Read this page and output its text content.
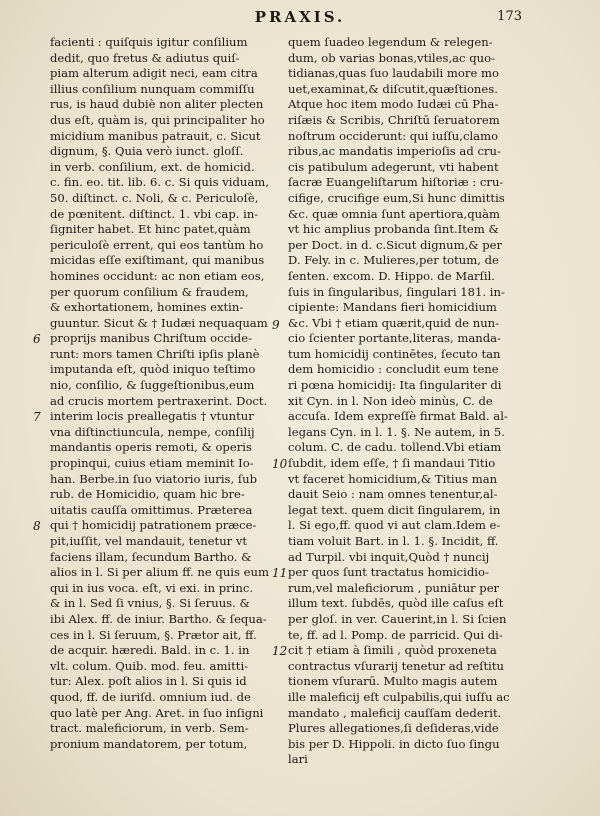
PRAXIS.	173
facienti : quiſquis igitur conſilium
dedit, quo fretus & adiutus quiſ-
piam alterum adigit neci, eam citra
illius conſilium nunquam commiſſu
rus, is haud dubiè non aliter plecten
dus eſt, quàm is, qui principaliter ho
micidium manibus patrauit, c. Sicut
dignum, §. Quia verò iunct. gloſſ.
in verb. conſilium, ext. de homicid.
c. fin. eo. tit. lib. 6. c. Si quis viduam,
50. diſtinct. c. Noli, & c. Periculoſè,
de pœnitent. diſtinct. 1. vbi cap. in-
ſigniter habet. Et hinc patet,quàm
periculoſè errent, qui eos tantùm ho
micidas eſſe exiſtimant, qui manibus
homines occidunt: ac non etiam eos,
per quorum conſilium & fraudem,
& exhortationem, homines extin-
guuntur. Sicut & † Iudæi nequaquam
proprijs manibus Chriſtum occide-
runt: mors tamen Chriſti ipſis planè
imputanda eſt, quòd iniquo teſtimo
nio, conſilio, & ſuggeſtionibus,eum
ad crucis mortem pertraxerint. Doct.
interim locis preallegatis † vtuntur
vna diſtinctiuncula, nempe, conſilij
mandantis operis remoti, & operis
propinqui, cuius etiam meminit Io-
han. Berbe.in ſuo viatorio iuris, ſub
rub. de Homicidio, quam hic bre-
uitatis cauſſa omittimus. Præterea
qui † homicidij patrationem præce-
pit,iuſſit, vel mandauit, tenetur vt
faciens illam, ſecundum Bartho. &
alios in l. Si per alium ff. ne quis eum
qui in ius voca. eſt, vi exi. in princ.
& in l. Sed ſi vnius, §. Si ſeruus. &
ibi Alex. ff. de iniur. Bartho. & ſequa-
ces in l. Si ſeruum, §. Prætor ait, ff.
de acquir. hæredi. Bald. in c. 1. in
vlt. colum. Quib. mod. feu. amitti-
tur: Alex. poſt alios in l. Si quis id
quod, ff. de iuriſd. omnium iud. de
quo latè per Ang. Aret. in ſuo inſigni
tract. maleficiorum, in verb. Sem-
pronium mandatorem, per totum,
quem ſuadeo legendum & relegen-
dum, ob varias bonas,vtiles,ac quo-
tidianas,quas ſuo laudabili more mo
uet,examinat,& diſcutit,quæſtiones.
Atque hoc item modo Iudæi cū Pha-
riſæis & Scribis, Chriſtū ſeruatorem
noſtrum occiderunt: qui iuſſu,clamo
ribus,ac mandatis imperioſis ad cru-
cis patibulum adegerunt, vti habent
ſacræ Euangeliſtarum hiſtoriæ : cru-
cifige, crucifige eum,Si hunc dimittis
&c. quæ omnia ſunt apertiora,quàm
vt hic amplius probanda ſint.Item &
per Doct. in d. c.Sicut dignum,& per
D. Fely. in c. Mulieres,per totum, de
ſenten. excom. D. Hippo. de Marſil.
ſuis in ſingularibus, ſingulari 181. in-
cipiente: Mandans fieri homicidium
&c. Vbi † etiam quærit,quid de nun-
cio ſcienter portante,literas, manda-
tum homicidij continētes, ſecuto tan
dem homicidio : concludit eum tene
ri pœna homicidij: Ita ſingulariter di
xit Cyn. in l. Non ideò minùs, C. de
accuſa. Idem expreſſè firmat Bald. al-
legans Cyn. in l. 1. §. Ne autem, in 5.
colum. C. de cadu. tollend.Vbi etiam
ſubdit, idem eſſe, † ſi mandaui Titio
vt faceret homicidium,& Titius man
dauit Seio : nam omnes tenentur,al-
legat text. quem dicit ſingularem, in
l. Si ego,ff. quod vi aut clam.Idem e-
tiam voluit Bart. in l. 1. §. Incidit, ff.
ad Turpil. vbi inquit,Quòd † nunciј
per quos ſunt tractatus homicidio-
rum,vel maleficiorum , puniātur per
illum text. ſubdēs, quòd ille caſus eſt
per gloſ. in ver. Cauerint,in l. Si ſcien
te, ff. ad l. Pomp. de parricid. Qui di-
cit † etiam à ſimili , quòd proxeneta
contractus vſurarij tenetur ad reſtitu
tionem vſurarū. Multo magis autem
ille maleficij eſt culpabilis,qui iuſſu ac
mandato , maleficij cauſſam dederit.
Plures allegationes,ſi deſideras,vide
bis per D. Hippoli. in dicto ſuo ſingu
lari
6
7
8
9
10
11
12
